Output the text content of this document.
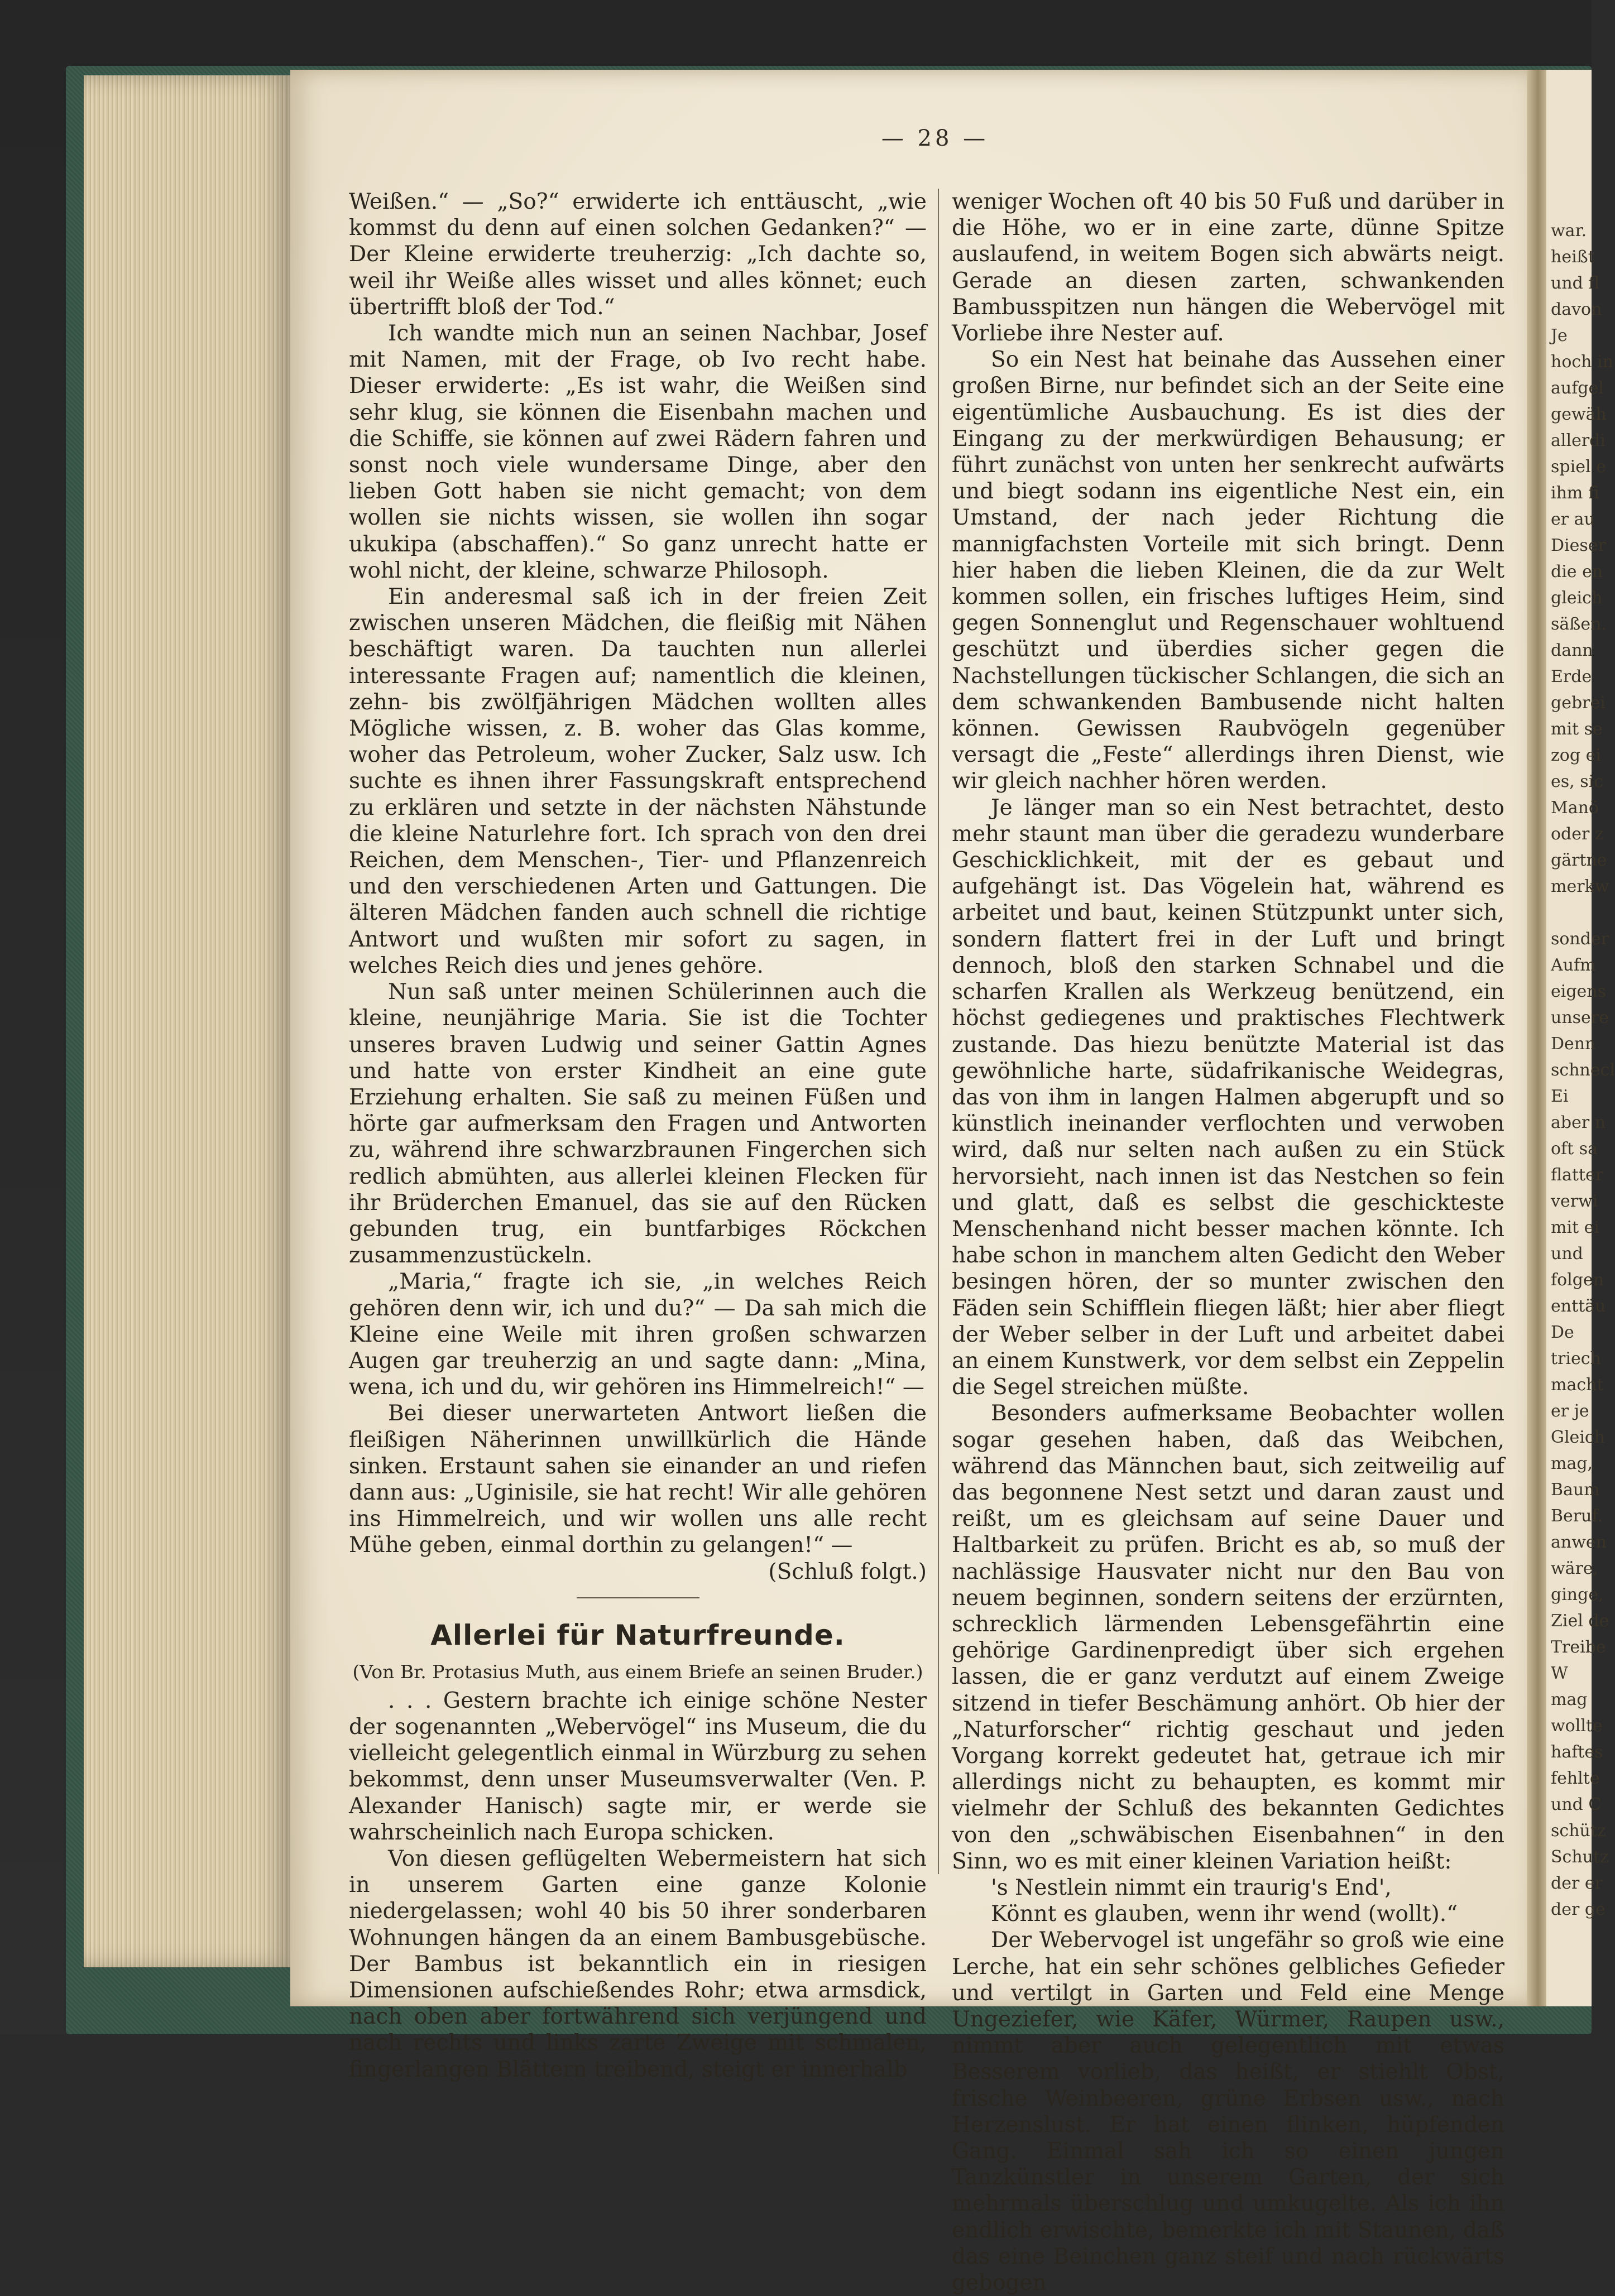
war.
heißt
und fl
davon
Je
hoch in
aufgel
gewäh
allerdi
spiel e
ihm fi
er au
Dieser
die en
gleich
säßen.
dann
Erde
gebrei
mit se
zog ei
es, sic
Manö
oder z
gärtne
merkw
sonder
Aufm
eigens
unsere
Denn
schnecl
Ei
aber n
oft sa
flatter
verwi
mit ei
und
folgen
enttäu
De
triech
macht
er je
Gleich
mag,
Baum
Beruf.
anwen
wäre,
ginge,
Ziel de
Treibe
W
mag
wollte
haftes
fehlte
und C
schütz
Schutz
der er
der ge
— 28 —

Weißen.“ — „So?“ erwiderte ich enttäuscht, „wie kommst du denn auf einen solchen Gedanken?“ — Der Kleine erwiderte treuherzig: „Ich dachte so, weil ihr Weiße alles wisset und alles könnet; euch übertrifft bloß der Tod.“

Ich wandte mich nun an seinen Nachbar, Josef mit Namen, mit der Frage, ob Ivo recht habe. Dieser erwiderte: „Es ist wahr, die Weißen sind sehr klug, sie können die Eisenbahn machen und die Schiffe, sie können auf zwei Rädern fahren und sonst noch viele wundersame Dinge, aber den lieben Gott haben sie nicht gemacht; von dem wollen sie nichts wissen, sie wollen ihn sogar ukukipa (abschaffen).“ So ganz unrecht hatte er wohl nicht, der kleine, schwarze Philosoph.

Ein anderesmal saß ich in der freien Zeit zwischen unseren Mädchen, die fleißig mit Nähen beschäftigt waren. Da tauchten nun allerlei interessante Fragen auf; namentlich die kleinen, zehn- bis zwölfjährigen Mädchen wollten alles Mögliche wissen, z. B. woher das Glas komme, woher das Petroleum, woher Zucker, Salz usw. Ich suchte es ihnen ihrer Fassungskraft entsprechend zu erklären und setzte in der nächsten Nähstunde die kleine Naturlehre fort. Ich sprach von den drei Reichen, dem Menschen-, Tier- und Pflanzenreich und den verschiedenen Arten und Gattungen. Die älteren Mädchen fanden auch schnell die richtige Antwort und wußten mir sofort zu sagen, in welches Reich dies und jenes gehöre.

Nun saß unter meinen Schülerinnen auch die kleine, neunjährige Maria. Sie ist die Tochter unseres braven Ludwig und seiner Gattin Agnes und hatte von erster Kindheit an eine gute Erziehung erhalten. Sie saß zu meinen Füßen und hörte gar aufmerksam den Fragen und Antworten zu, während ihre schwarzbraunen Fingerchen sich redlich abmühten, aus allerlei kleinen Flecken für ihr Brüderchen Emanuel, das sie auf den Rücken gebunden trug, ein buntfarbiges Röckchen zusammenzustückeln.

„Maria,“ fragte ich sie, „in welches Reich gehören denn wir, ich und du?“ — Da sah mich die Kleine eine Weile mit ihren großen schwarzen Augen gar treuherzig an und sagte dann: „Mina, wena, ich und du, wir gehören ins Himmelreich!“ —

Bei dieser unerwarteten Antwort ließen die fleißigen Näherinnen unwillkürlich die Hände sinken. Erstaunt sahen sie einander an und riefen dann aus: „Uginisile, sie hat recht! Wir alle gehören ins Himmelreich, und wir wollen uns alle recht Mühe geben, einmal dorthin zu gelangen!“ —
(Schluß folgt.)

Allerlei für Naturfreunde.
(Von Br. Protasius Muth, aus einem Briefe an seinen Bruder.)

. . . Gestern brachte ich einige schöne Nester der sogenannten „Webervögel“ ins Museum, die du vielleicht gelegentlich einmal in Würzburg zu sehen bekommst, denn unser Museumsverwalter (Ven. P. Alexander Hanisch) sagte mir, er werde sie wahrscheinlich nach Europa schicken.

Von diesen geflügelten Webermeistern hat sich in unserem Garten eine ganze Kolonie niedergelassen; wohl 40 bis 50 ihrer sonderbaren Wohnungen hängen da an einem Bambusgebüsche. Der Bambus ist bekanntlich ein in riesigen Dimensionen aufschießendes Rohr; etwa armsdick, nach oben aber fortwährend sich verjüngend und nach rechts und links zarte Zweige mit schmalen, fingerlangen Blättern treibend, steigt er innerhalb

weniger Wochen oft 40 bis 50 Fuß und darüber in die Höhe, wo er in eine zarte, dünne Spitze auslaufend, in weitem Bogen sich abwärts neigt. Gerade an diesen zarten, schwankenden Bambusspitzen nun hängen die Webervögel mit Vorliebe ihre Nester auf.

So ein Nest hat beinahe das Aussehen einer großen Birne, nur befindet sich an der Seite eine eigentümliche Ausbauchung. Es ist dies der Eingang zu der merkwürdigen Behausung; er führt zunächst von unten her senkrecht aufwärts und biegt sodann ins eigentliche Nest ein, ein Umstand, der nach jeder Richtung die mannigfachsten Vorteile mit sich bringt. Denn hier haben die lieben Kleinen, die da zur Welt kommen sollen, ein frisches luftiges Heim, sind gegen Sonnenglut und Regenschauer wohltuend geschützt und überdies sicher gegen die Nachstellungen tückischer Schlangen, die sich an dem schwankenden Bambusende nicht halten können. Gewissen Raubvögeln gegenüber versagt die „Feste“ allerdings ihren Dienst, wie wir gleich nachher hören werden.

Je länger man so ein Nest betrachtet, desto mehr staunt man über die geradezu wunderbare Geschicklichkeit, mit der es gebaut und aufgehängt ist. Das Vögelein hat, während es arbeitet und baut, keinen Stützpunkt unter sich, sondern flattert frei in der Luft und bringt dennoch, bloß den starken Schnabel und die scharfen Krallen als Werkzeug benützend, ein höchst gediegenes und praktisches Flechtwerk zustande. Das hiezu benützte Material ist das gewöhnliche harte, südafrikanische Weidegras, das von ihm in langen Halmen abgerupft und so künstlich ineinander verflochten und verwoben wird, daß nur selten nach außen zu ein Stück hervorsieht, nach innen ist das Nestchen so fein und glatt, daß es selbst die geschickteste Menschenhand nicht besser machen könnte. Ich habe schon in manchem alten Gedicht den Weber besingen hören, der so munter zwischen den Fäden sein Schifflein fliegen läßt; hier aber fliegt der Weber selber in der Luft und arbeitet dabei an einem Kunstwerk, vor dem selbst ein Zeppelin die Segel streichen müßte.

Besonders aufmerksame Beobachter wollen sogar gesehen haben, daß das Weibchen, während das Männchen baut, sich zeitweilig auf das begonnene Nest setzt und daran zaust und reißt, um es gleichsam auf seine Dauer und Haltbarkeit zu prüfen. Bricht es ab, so muß der nachlässige Hausvater nicht nur den Bau von neuem beginnen, sondern seitens der erzürnten, schrecklich lärmenden Lebensgefährtin eine gehörige Gardinenpredigt über sich ergehen lassen, die er ganz verdutzt auf einem Zweige sitzend in tiefer Beschämung anhört. Ob hier der „Naturforscher“ richtig geschaut und jeden Vorgang korrekt gedeutet hat, getraue ich mir allerdings nicht zu behaupten, es kommt mir vielmehr der Schluß des bekannten Gedichtes von den „schwäbischen Eisenbahnen“ in den Sinn, wo es mit einer kleinen Variation heißt:

's Nestlein nimmt ein traurig's End',

Könnt es glauben, wenn ihr wend (wollt).“

Der Webervogel ist ungefähr so groß wie eine Lerche, hat ein sehr schönes gelbliches Gefieder und vertilgt in Garten und Feld eine Menge Ungeziefer, wie Käfer, Würmer, Raupen usw., nimmt aber auch gelegentlich mit etwas Besserem vorlieb, das heißt, er stiehlt Obst, frische Weinbeeren, grüne Erbsen usw., nach Herzenslust. Er hat einen flinken, hüpfenden Gang. Einmal sah ich so einen jungen Tanzkünstler in unserem Garten, der sich mehrmals überschlug und umkugelte. Als ich ihn endlich erwischte, bemerkte ich mit Staunen, daß das eine Beinchen ganz steif und nach rückwärts gebogen
